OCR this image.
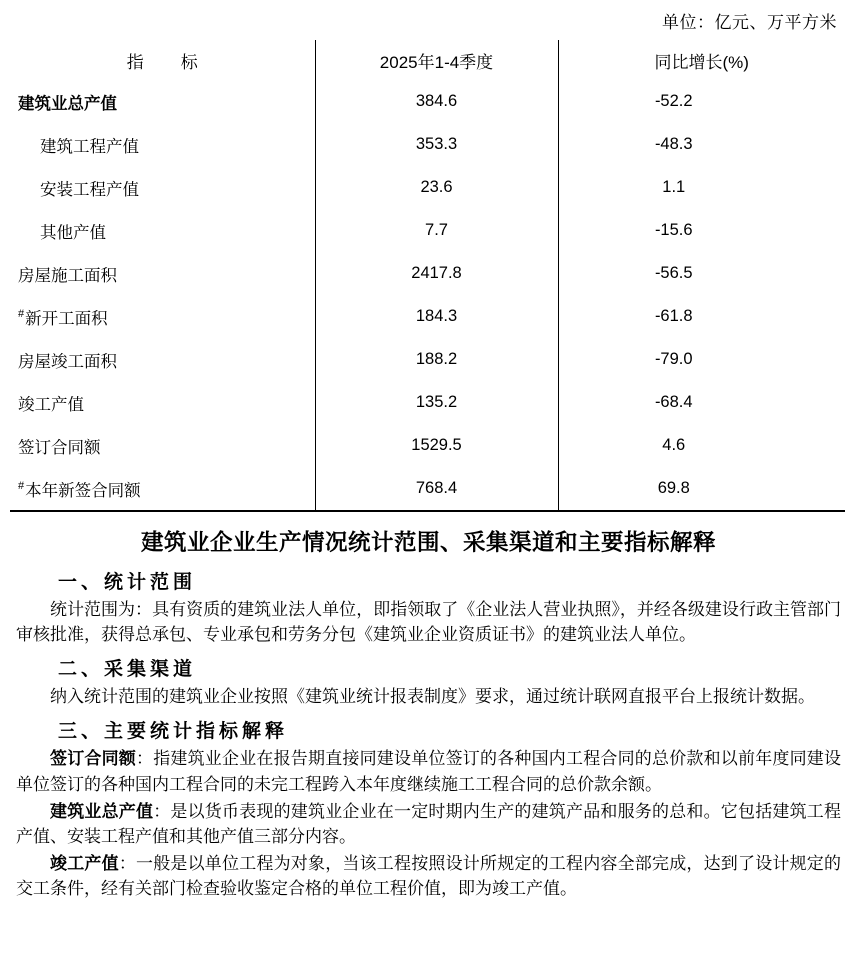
单位：亿元、万平方米
指　标	2025年1-4季度	同比增长(%)
建筑业总产值	384.6	-52.2
建筑工程产值	353.3	-48.3
安装工程产值	23.6	1.1
其他产值	7.7	-15.6
房屋施工面积	2417.8	-56.5
#新开工面积	184.3	-61.8
房屋竣工面积	188.2	-79.0
竣工产值	135.2	-68.4
签订合同额	1529.5	4.6
#本年新签合同额	768.4	69.8
建筑业企业生产情况统计范围、采集渠道和主要指标解释
一、统计范围

统计范围为：具有资质的建筑业法人单位，即指领取了《企业法人营业执照》，并经各级建设行政主管部门审核批准，获得总承包、专业承包和劳务分包《建筑业企业资质证书》的建筑业法人单位。

二、采集渠道

纳入统计范围的建筑业企业按照《建筑业统计报表制度》要求，通过统计联网直报平台上报统计数据。

三、主要统计指标解释

签订合同额：指建筑业企业在报告期直接同建设单位签订的各种国内工程合同的总价款和以前年度同建设单位签订的各种国内工程合同的未完工程跨入本年度继续施工工程合同的总价款余额。

建筑业总产值：是以货币表现的建筑业企业在一定时期内生产的建筑产品和服务的总和。它包括建筑工程产值、安装工程产值和其他产值三部分内容。

竣工产值：一般是以单位工程为对象，当该工程按照设计所规定的工程内容全部完成，达到了设计规定的交工条件，经有关部门检查验收鉴定合格的单位工程价值，即为竣工产值。
